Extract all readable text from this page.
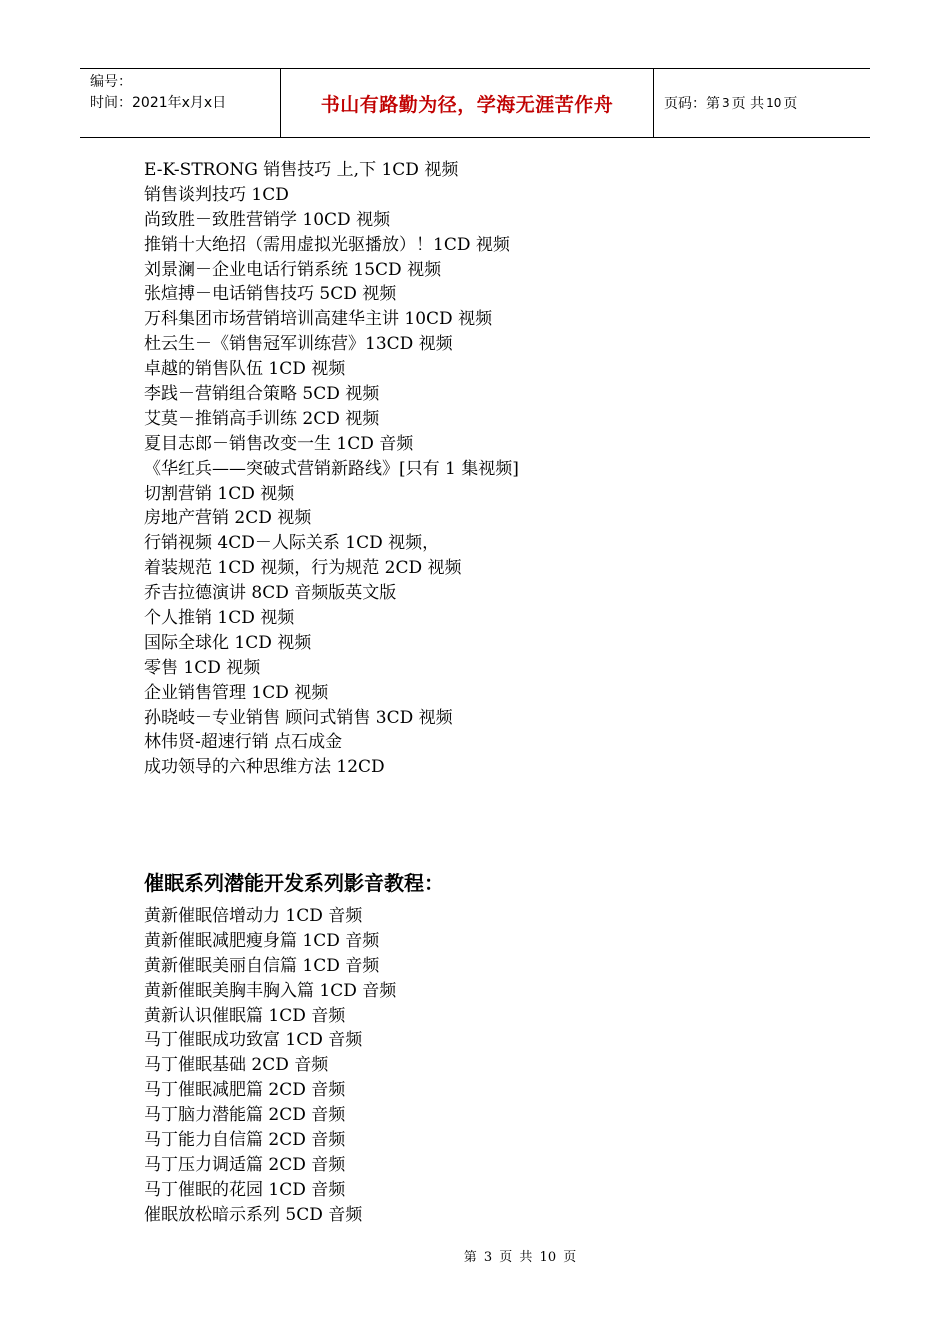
编号：
时间：2021年x月x日	书山有路勤为径，学海无涯苦作舟	页码：第 3 页 共 10 页
E-K-STRONG 销售技巧 上,下 1CD 视频
销售谈判技巧 1CD
尚致胜－致胜营销学 10CD 视频
推销十大绝招（需用虚拟光驱播放）！1CD 视频
刘景澜－企业电话行销系统 15CD 视频
张煊搏－电话销售技巧 5CD 视频
万科集团市场营销培训高建华主讲 10CD 视频
杜云生－《销售冠军训练营》13CD 视频
卓越的销售队伍 1CD 视频
李践－营销组合策略 5CD 视频
艾莫－推销高手训练 2CD 视频
夏目志郎－销售改变一生 1CD 音频
《华红兵——突破式营销新路线》[只有 1 集视频]
切割营销 1CD 视频
房地产营销 2CD 视频
行销视频 4CD－人际关系 1CD 视频，
着装规范 1CD 视频，行为规范 2CD 视频
乔吉拉德演讲 8CD 音频版英文版
个人推销 1CD 视频
国际全球化 1CD 视频
零售 1CD 视频
企业销售管理 1CD 视频
孙晓岐－专业销售 顾问式销售 3CD 视频
林伟贤-超速行销 点石成金
成功领导的六种思维方法 12CD
催眠系列潜能开发系列影音教程：
黄新催眠倍增动力 1CD 音频
黄新催眠减肥瘦身篇 1CD 音频
黄新催眠美丽自信篇 1CD 音频
黄新催眠美胸丰胸入篇 1CD 音频
黄新认识催眠篇 1CD 音频
马丁催眠成功致富 1CD 音频
马丁催眠基础 2CD 音频
马丁催眠减肥篇 2CD 音频
马丁脑力潜能篇 2CD 音频
马丁能力自信篇 2CD 音频
马丁压力调适篇 2CD 音频
马丁催眠的花园 1CD 音频
催眠放松暗示系列 5CD 音频
第 3 页 共 10 页
